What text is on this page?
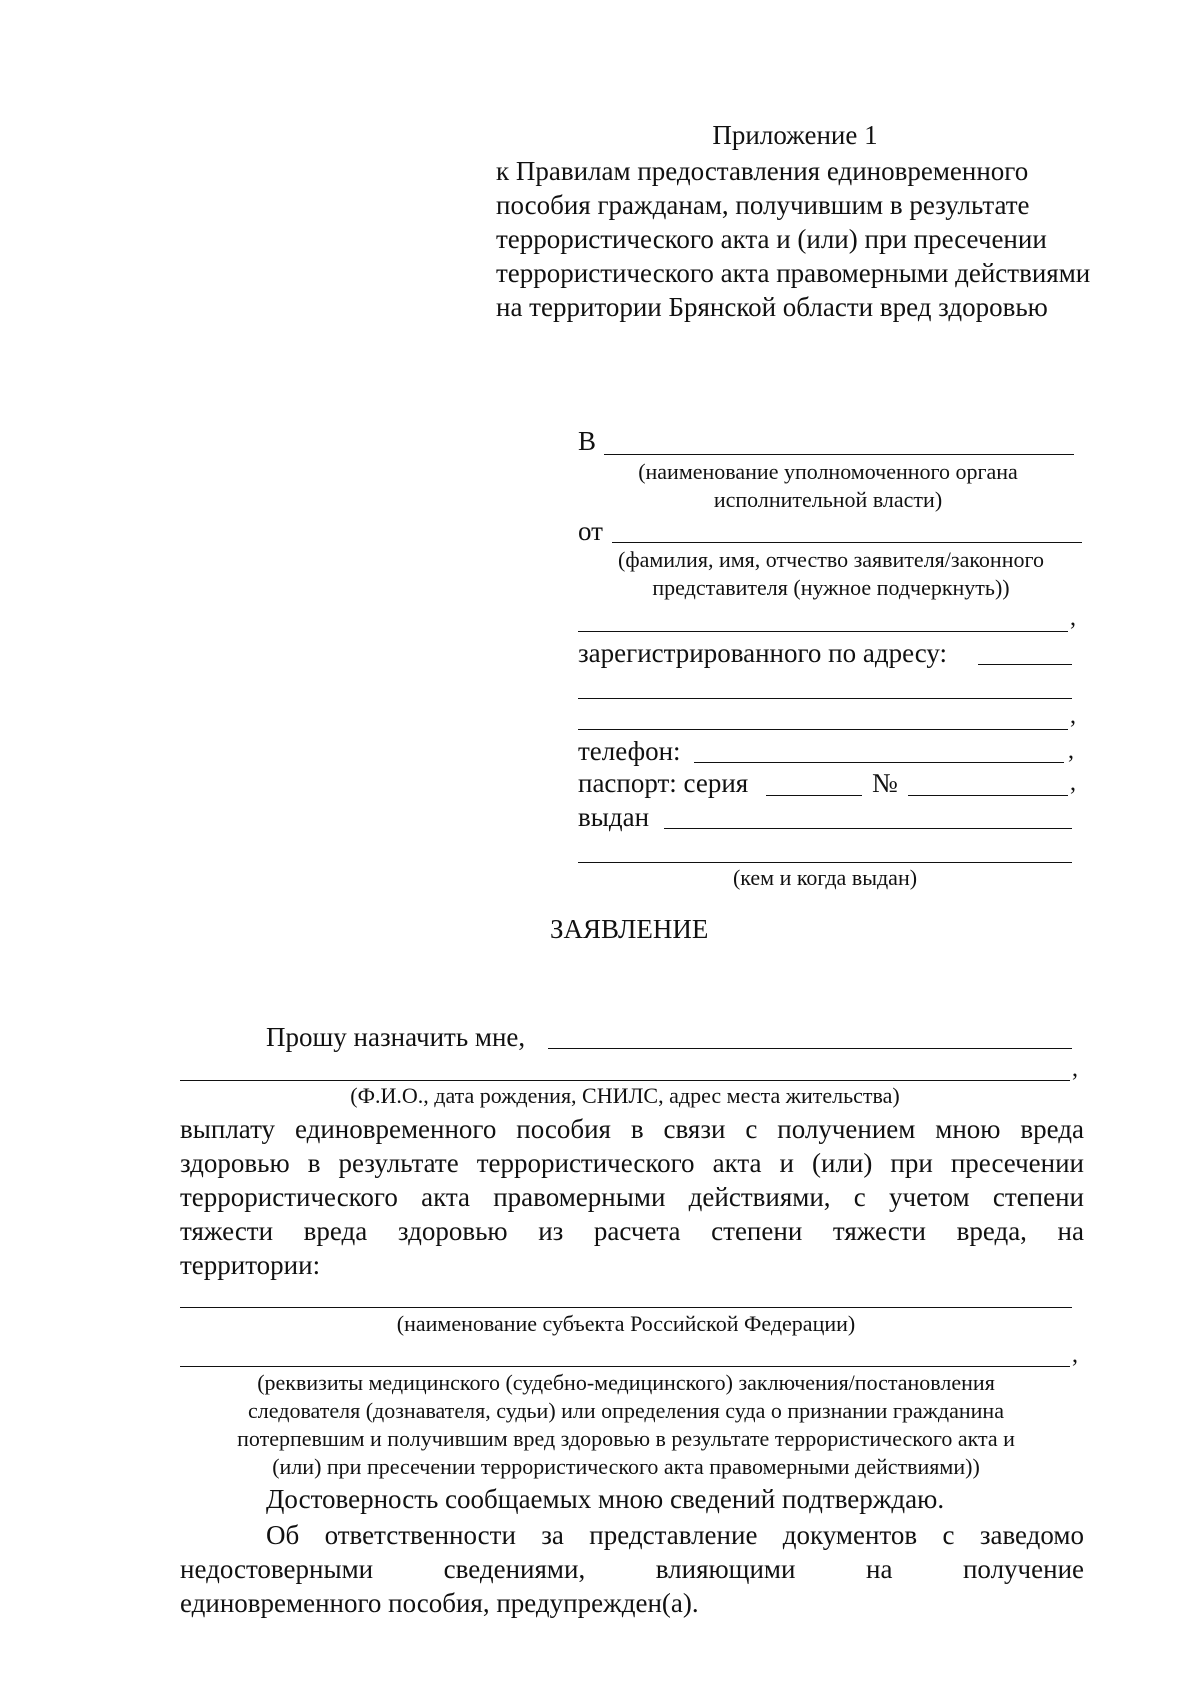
Приложение 1
к Правилам предоставления единовременного
пособия гражданам, получившим в результате
террористического акта и (или) при пресечении
террористического акта правомерными действиями
на территории Брянской области вред здоровью
В
(наименование уполномоченного органа
исполнительной власти)
от
(фамилия, имя, отчество заявителя/законного
представителя (нужное подчеркнуть))
,
зарегистрированного по адресу:
,
телефон:	,
паспорт: серия	№	,
выдан
(кем и когда выдан)
ЗАЯВЛЕНИЕ
Прошу назначить мне,
,
(Ф.И.О., дата рождения, СНИЛС, адрес места жительства)
выплату единовременного пособия в связи с получением мною вреда
здоровью в результате террористического акта и (или) при пресечении
террористического акта правомерными действиями, с учетом степени
тяжести вреда здоровью из расчета степени тяжести вреда, на
территории:
(наименование субъекта Российской Федерации)
,
(реквизиты медицинского (судебно-медицинского) заключения/постановления
следователя (дознавателя, судьи) или определения суда о признании гражданина
потерпевшим и получившим вред здоровью в результате террористического акта и
(или) при пресечении террористического акта правомерными действиями))
Достоверность сообщаемых мною сведений подтверждаю.
Об ответственности за представление документов с заведомо
недостоверными сведениями, влияющими на получение
единовременного пособия, предупрежден(а).
